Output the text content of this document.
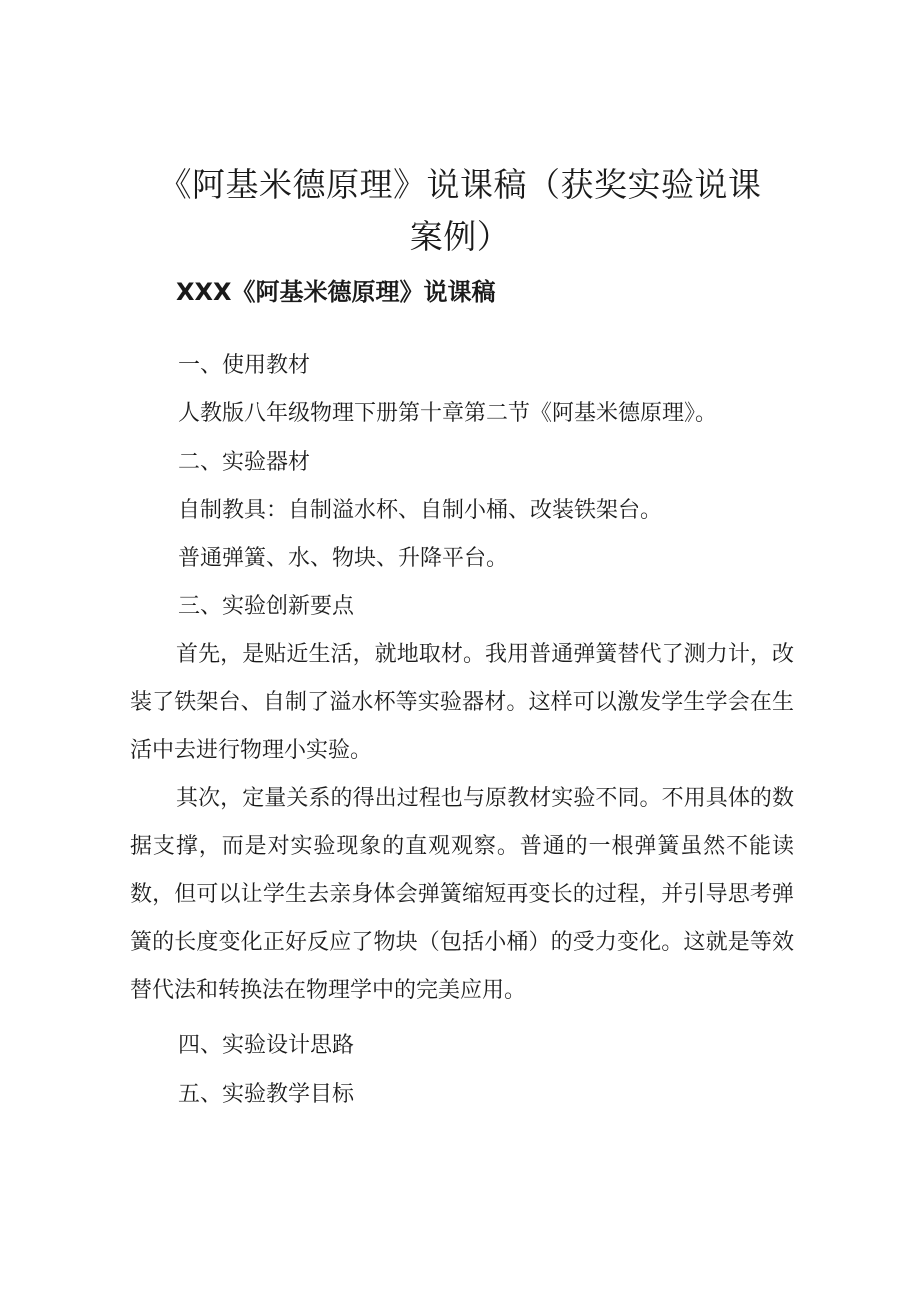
《阿基米德原理》说课稿（获奖实验说课
案例）
XXX《阿基米德原理》说课稿
一、使用教材
人教版八年级物理下册第十章第二节《阿基米德原理》。
二、实验器材
自制教具：自制溢水杯、自制小桶、改装铁架台。
普通弹簧、水、物块、升降平台。
三、实验创新要点
首先，是贴近生活，就地取材。我用普通弹簧替代了测力计，改装了铁架台、自制了溢水杯等实验器材。这样可以激发学生学会在生活中去进行物理小实验。
其次，定量关系的得出过程也与原教材实验不同。不用具体的数据支撑，而是对实验现象的直观观察。普通的一根弹簧虽然不能读数，但可以让学生去亲身体会弹簧缩短再变长的过程，并引导思考弹簧的长度变化正好反应了物块（包括小桶）的受力变化。这就是等效替代法和转换法在物理学中的完美应用。
四、实验设计思路
五、实验教学目标
